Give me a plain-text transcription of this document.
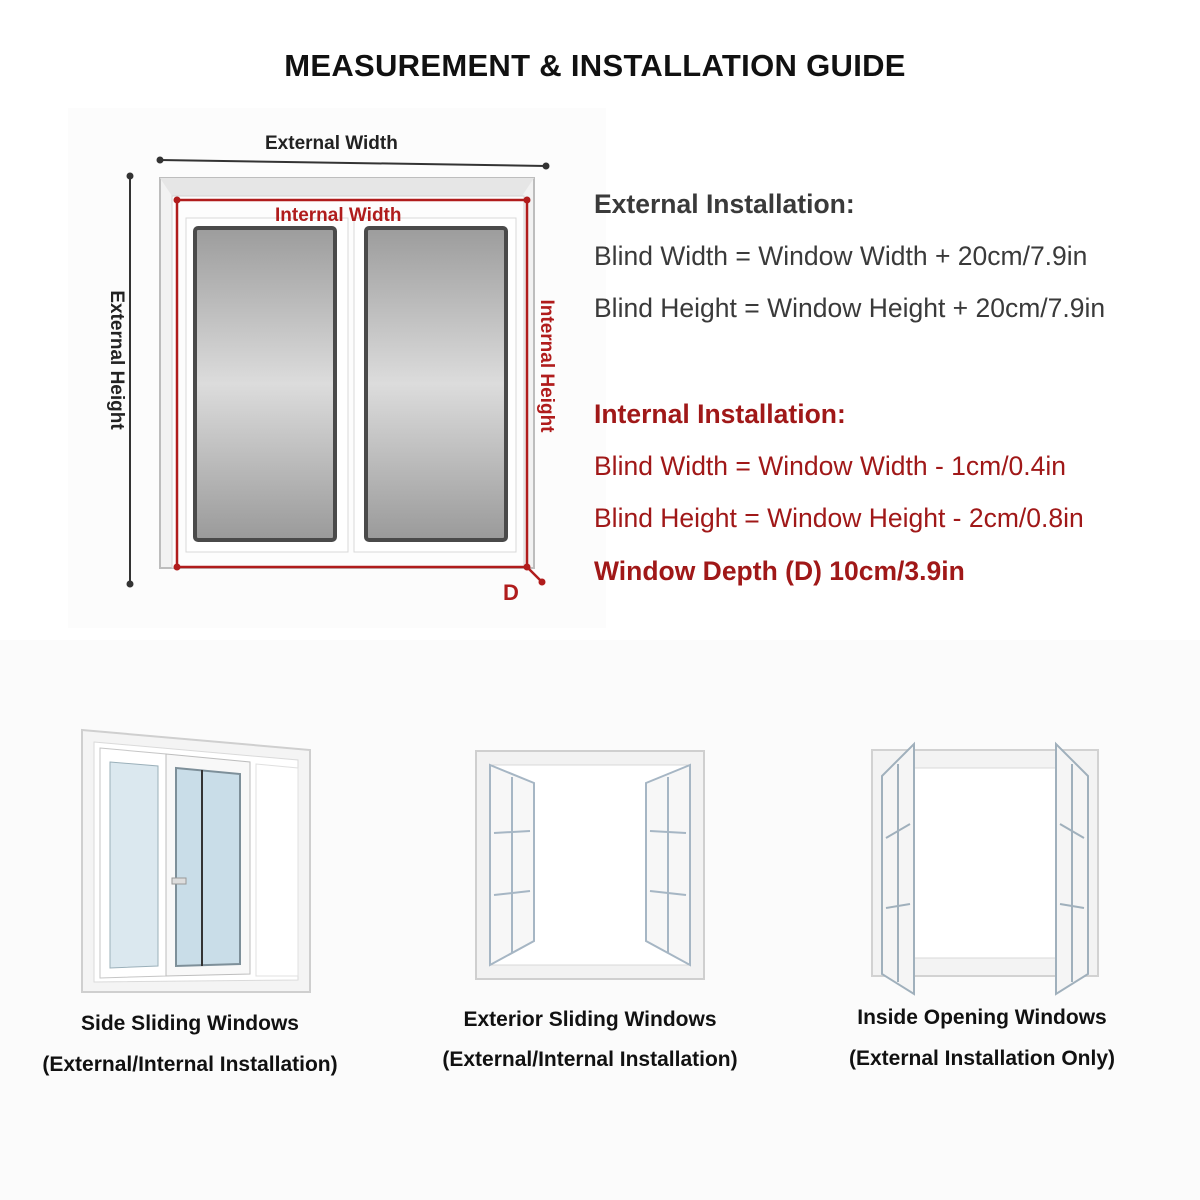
MEASUREMENT & INSTALLATION GUIDE
External Width
Internal Width
External Height	Internal Height
D
External Installation:
Blind Width = Window Width + 20cm/7.9in
Blind Height = Window Height + 20cm/7.9in
Internal Installation:
Blind Width = Window Width - 1cm/0.4in
Blind Height = Window Height - 2cm/0.8in
Window Depth (D) 10cm/3.9in
Side Sliding Windows
(External/Internal Installation)
Exterior Sliding Windows
(External/Internal Installation)
Inside Opening Windows
(External Installation Only)
